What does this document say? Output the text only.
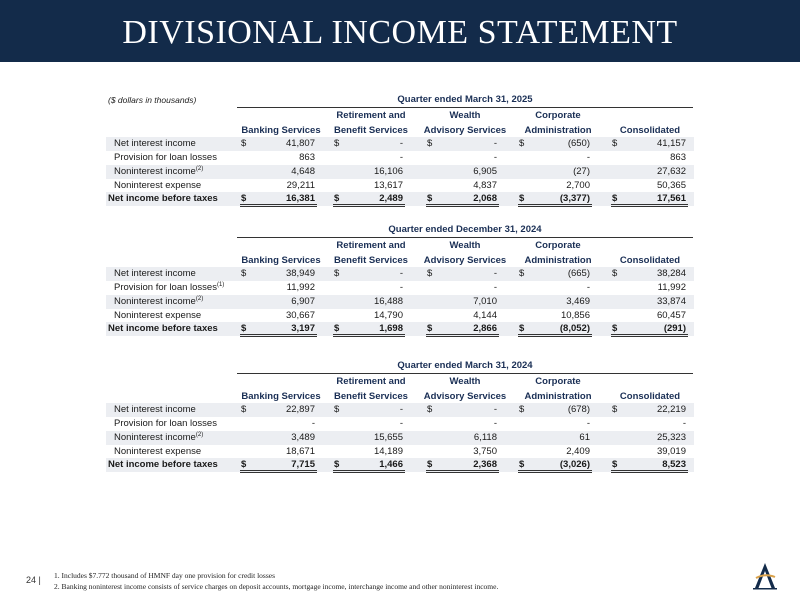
DIVISIONAL INCOME STATEMENT
($ dollars in thousands)	Quarter ended March 31, 2025
Banking Services
Retirement and
Benefit Services
Wealth
Advisory Services
Corporate
Administration	Consolidated
Net interest income	$	41,807 $	-	$	- $	(650) $	41,157
Provision for loan losses	863	-	-	-	863
Noninterest income$^{(2)}$	4,648	16,106	6,905	(27)	27,632
Noninterest expense	29,211	13,617	4,837	2,700	50,365
Net income before taxes $	16,381 $	2,489	$	2,068 $	(3,377) $	17,561
Quarter ended December 31, 2024
Banking Services
Retirement and
Benefit Services
Wealth
Advisory Services
Corporate
Administration	Consolidated
Net interest income	$	38,949 $	-	$	- $	(665) $	38,284
Provision for loan losses$^{(1)}$	11,992	-	-	-	11,992
Noninterest income$^{(2)}$	6,907	16,488	7,010	3,469	33,874
Noninterest expense	30,667	14,790	4,144	10,856	60,457
Net income before taxes $	3,197 $	1,698	$	2,866 $	(8,052) $	(291)
Quarter ended March 31, 2024
Banking Services
Retirement and
Benefit Services
Wealth
Advisory Services
Corporate
Administration	Consolidated
Net interest income	$	22,897 $	-	$	- $	(678) $	22,219
Provision for loan losses	-	-	-	-	-
Noninterest income$^{(2)}$	3,489	15,655	6,118	61	25,323
Noninterest expense	18,671	14,189	3,750	2,409	39,019
Net income before taxes $	7,715 $	1,466	$	2,368 $	(3,026) $	8,523
24 | 1. Includes $7.772 thousand of HMNF day one provision for credit losses
2. Banking noninterest income consists of service charges on deposit accounts, mortgage income, interchange income and other noninterest income.
